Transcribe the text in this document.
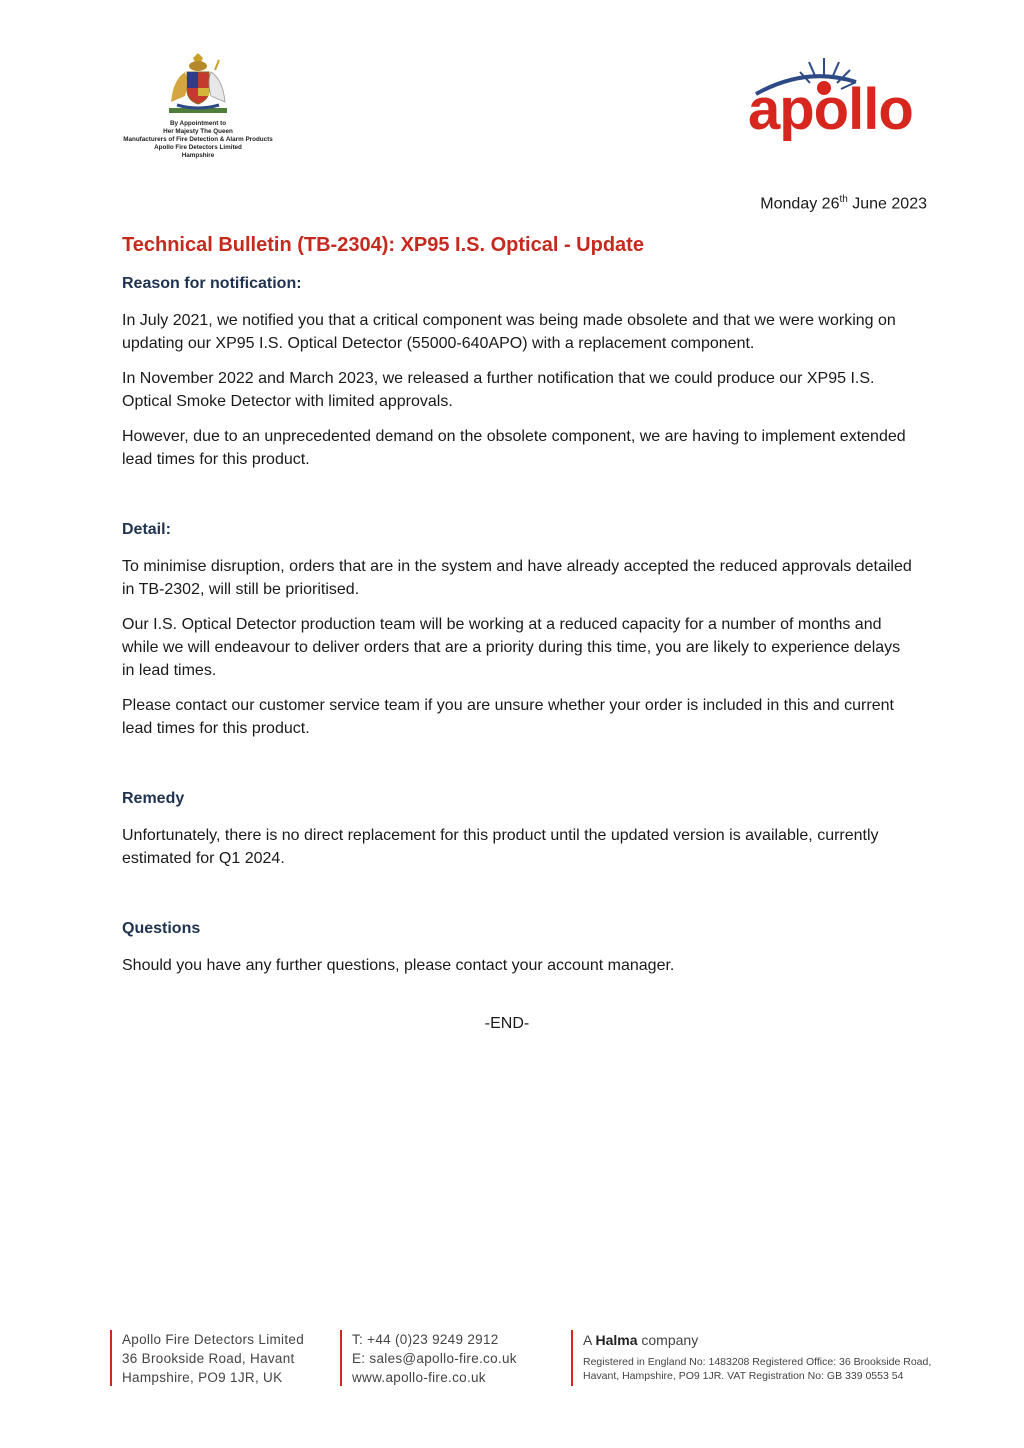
By Appointment to
Her Majesty The Queen
Manufacturers of Fire Detection & Alarm Products
Apollo Fire Detectors Limited
Hampshire
apollo
Monday 26th June 2023
Technical Bulletin (TB-2304): XP95 I.S. Optical - Update
Reason for notification:

In July 2021, we notified you that a critical component was being made obsolete and that we were working on updating our XP95 I.S. Optical Detector (55000-640APO) with a replacement component.

In November 2022 and March 2023, we released a further notification that we could produce our XP95 I.S. Optical Smoke Detector with limited approvals.

However, due to an unprecedented demand on the obsolete component, we are having to implement extended lead times for this product.

Detail:

To minimise disruption, orders that are in the system and have already accepted the reduced approvals detailed in TB-2302, will still be prioritised.

Our I.S. Optical Detector production team will be working at a reduced capacity for a number of months and while we will endeavour to deliver orders that are a priority during this time, you are likely to experience delays in lead times.

Please contact our customer service team if you are unsure whether your order is included in this and current lead times for this product.

Remedy

Unfortunately, there is no direct replacement for this product until the updated version is available, currently estimated for Q1 2024.

Questions

Should you have any further questions, please contact your account manager.

-END-
Apollo Fire Detectors Limited
36 Brookside Road, Havant
Hampshire, PO9 1JR, UK
T: +44 (0)23 9249 2912
E: sales@apollo-fire.co.uk
www.apollo-fire.co.uk
A Halma company
Registered in England No: 1483208 Registered Office: 36 Brookside Road,
Havant, Hampshire, PO9 1JR. VAT Registration No: GB 339 0553 54
